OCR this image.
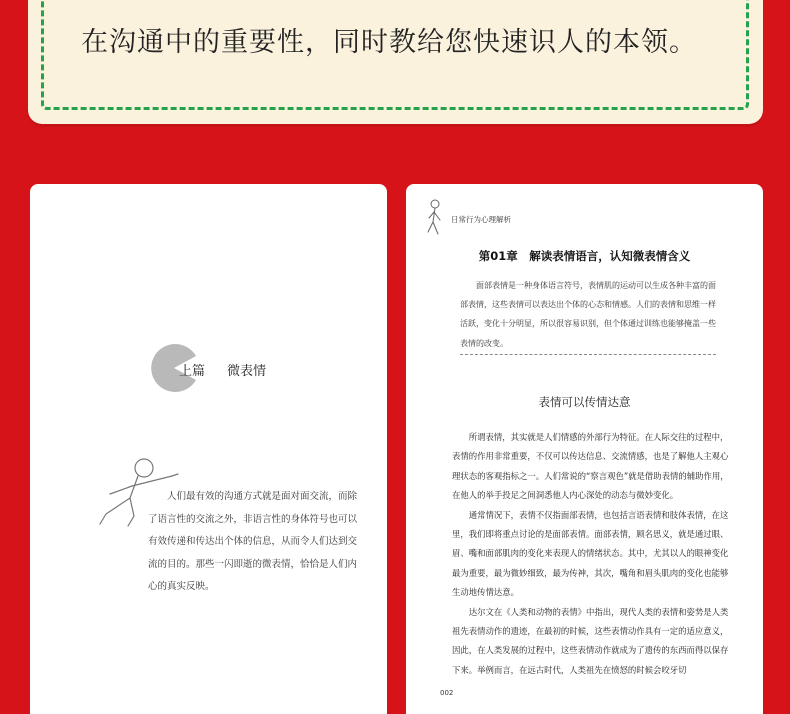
在沟通中的重要性，同时教给您快速识人的本领。
上篇 微表情

人们最有效的沟通方式就是面对面交流，而除了语言性的交流之外，非语言性的身体符号也可以有效传递和传达出个体的信息，从而令人们达到交流的目的。那些一闪即逝的微表情，恰恰是人们内心的真实反映。

日常行为心理解析
第01章　解读表情语言，认知微表情含义

面部表情是一种身体语言符号，表情肌的运动可以生成各种丰富的面部表情，这些表情可以表达出个体的心态和情感。人们的表情和思维一样活跃，变化十分明显，所以很容易识别，但个体通过训练也能够掩盖一些表情的改变。

表情可以传情达意

所谓表情，其实就是人们情感的外部行为特征。在人际交往的过程中，表情的作用非常重要，不仅可以传达信息、交流情感，也是了解他人主观心理状态的客观指标之一。人们常说的“察言观色”就是借助表情的辅助作用，在他人的举手投足之间洞悉他人内心深处的动态与微妙变化。

通常情况下，表情不仅指面部表情，也包括言语表情和肢体表情，在这里，我们即将重点讨论的是面部表情。面部表情，顾名思义，就是通过眼、眉、嘴和面部肌肉的变化来表现人的情绪状态。其中，尤其以人的眼神变化最为重要，最为微妙细致，最为传神，其次，嘴角和眉头肌肉的变化也能够生动地传情达意。

达尔文在《人类和动物的表情》中指出，现代人类的表情和姿势是人类祖先表情动作的遗迹，在最初的时候，这些表情动作具有一定的适应意义，因此，在人类发展的过程中，这些表情动作就成为了遗传的东西而得以保存下来。举例而言，在远古时代，人类祖先在愤怒的时候会咬牙切

002
